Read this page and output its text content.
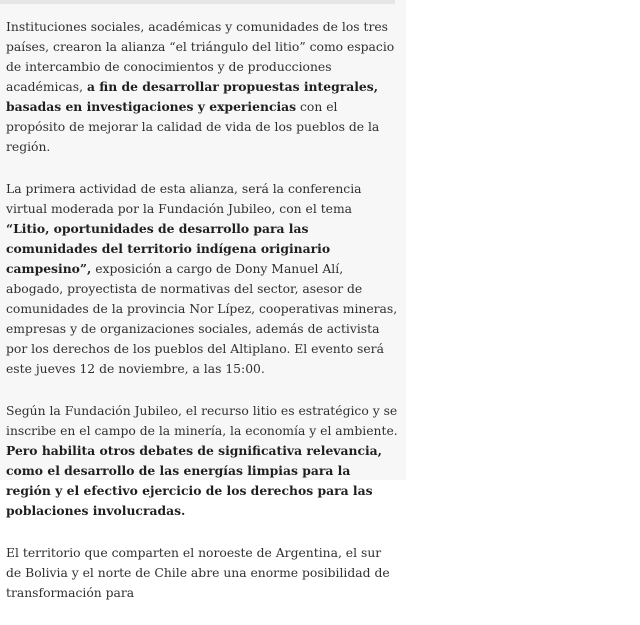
Instituciones sociales, académicas y comunidades de los tres países, crearon la alianza “el triángulo del litio” como espacio de intercambio de conocimientos y de producciones académicas, a fin de desarrollar propuestas integrales, basadas en investigaciones y experiencias con el propósito de mejorar la calidad de vida de los pueblos de la región.

La primera actividad de esta alianza, será la conferencia virtual moderada por la Fundación Jubileo, con el tema “Litio, oportunidades de desarrollo para las comunidades del territorio indígena originario campesino”, exposición a cargo de Dony Manuel Alí, abogado, proyectista de normativas del sector, asesor de comunidades de la provincia Nor Lípez, cooperativas mineras, empresas y de organizaciones sociales, además de activista por los derechos de los pueblos del Altiplano. El evento será este jueves 12 de noviembre, a las 15:00.

Según la Fundación Jubileo, el recurso litio es estratégico y se inscribe en el campo de la minería, la economía y el ambiente. Pero habilita otros debates de significativa relevancia, como el desarrollo de las energías limpias para la región y el efectivo ejercicio de los derechos para las poblaciones involucradas.

El territorio que comparten el noroeste de Argentina, el sur de Bolivia y el norte de Chile abre una enorme posibilidad de transformación para
